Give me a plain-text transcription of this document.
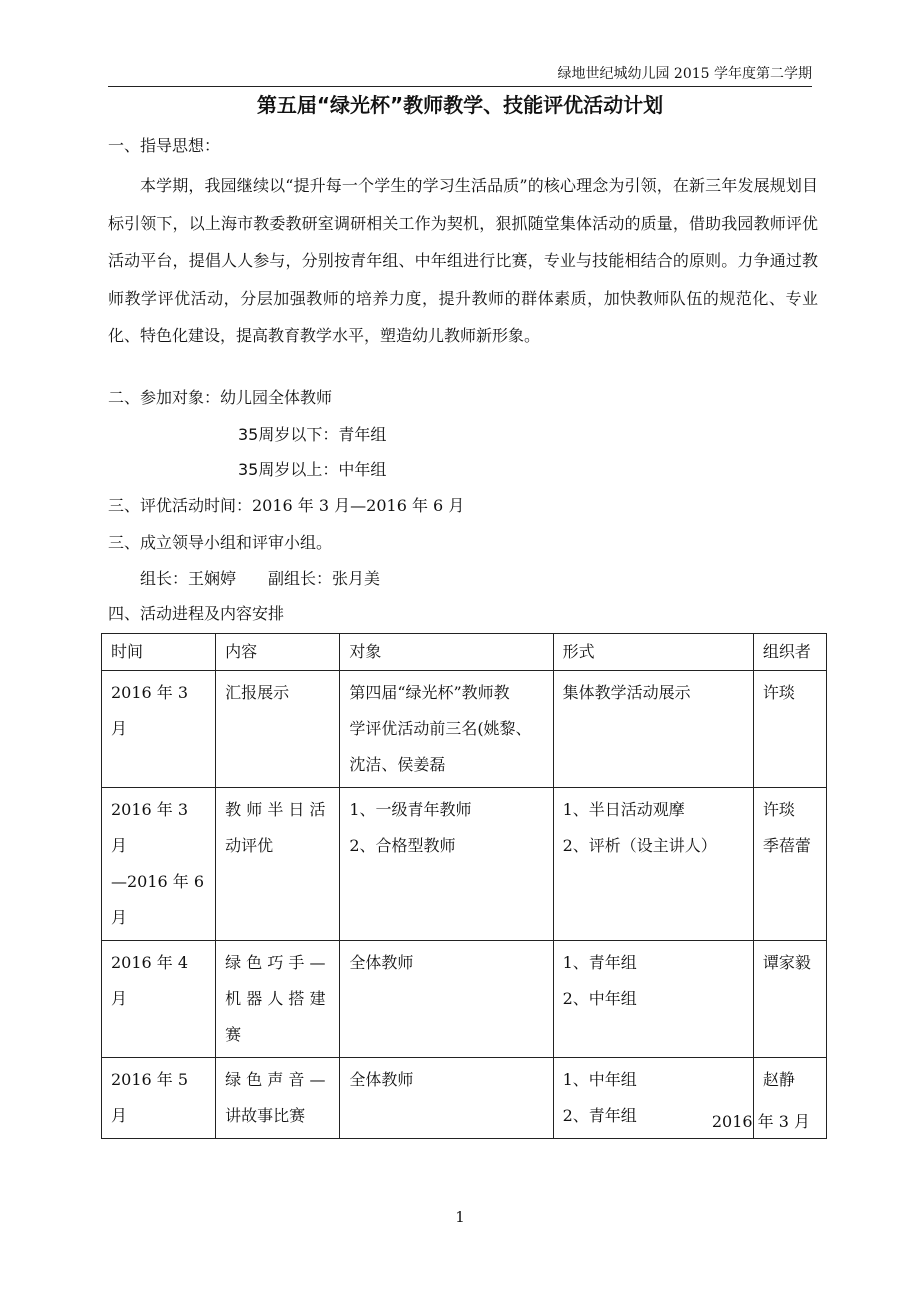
绿地世纪城幼儿园 2015 学年度第二学期
第五届“绿光杯”教师教学、技能评优活动计划
一、指导思想：
本学期，我园继续以“提升每一个学生的学习生活品质”的核心理念为引领，在新三年发展规划目标引领下，以上海市教委教研室调研相关工作为契机，狠抓随堂集体活动的质量，借助我园教师评优活动平台，提倡人人参与，分别按青年组、中年组进行比赛，专业与技能相结合的原则。力争通过教师教学评优活动，分层加强教师的培养力度，提升教师的群体素质，加快教师队伍的规范化、专业化、特色化建设，提高教育教学水平，塑造幼儿教师新形象。
二、参加对象：幼儿园全体教师
35周岁以下：青年组
35周岁以上：中年组
三、评优活动时间：2016 年 3 月—2016 年 6 月
三、成立领导小组和评审小组。
组长：王娴婷　　副组长：张月美
四、活动进程及内容安排
时间	内容	对象	形式	组织者

2016 年 3 月	汇报展示	第四届“绿光杯”教师教
学评优活动前三名(姚黎、
沈洁、侯姜磊	集体教学活动展示	许琰

2016 年 3 月
—2016 年 6
月	教 师 半 日 活
动评优	1、一级青年教师
2、合格型教师	1、半日活动观摩
2、评析（设主讲人）	许琰
季蓓蕾

2016 年 4 月	绿 色 巧 手 —
机 器 人 搭 建
赛	全体教师	1、青年组
2、中年组	谭家毅

2016 年 5 月	绿 色 声 音 —
讲故事比赛	全体教师	1、中年组
2、青年组	赵静
2016 年 3 月
1
